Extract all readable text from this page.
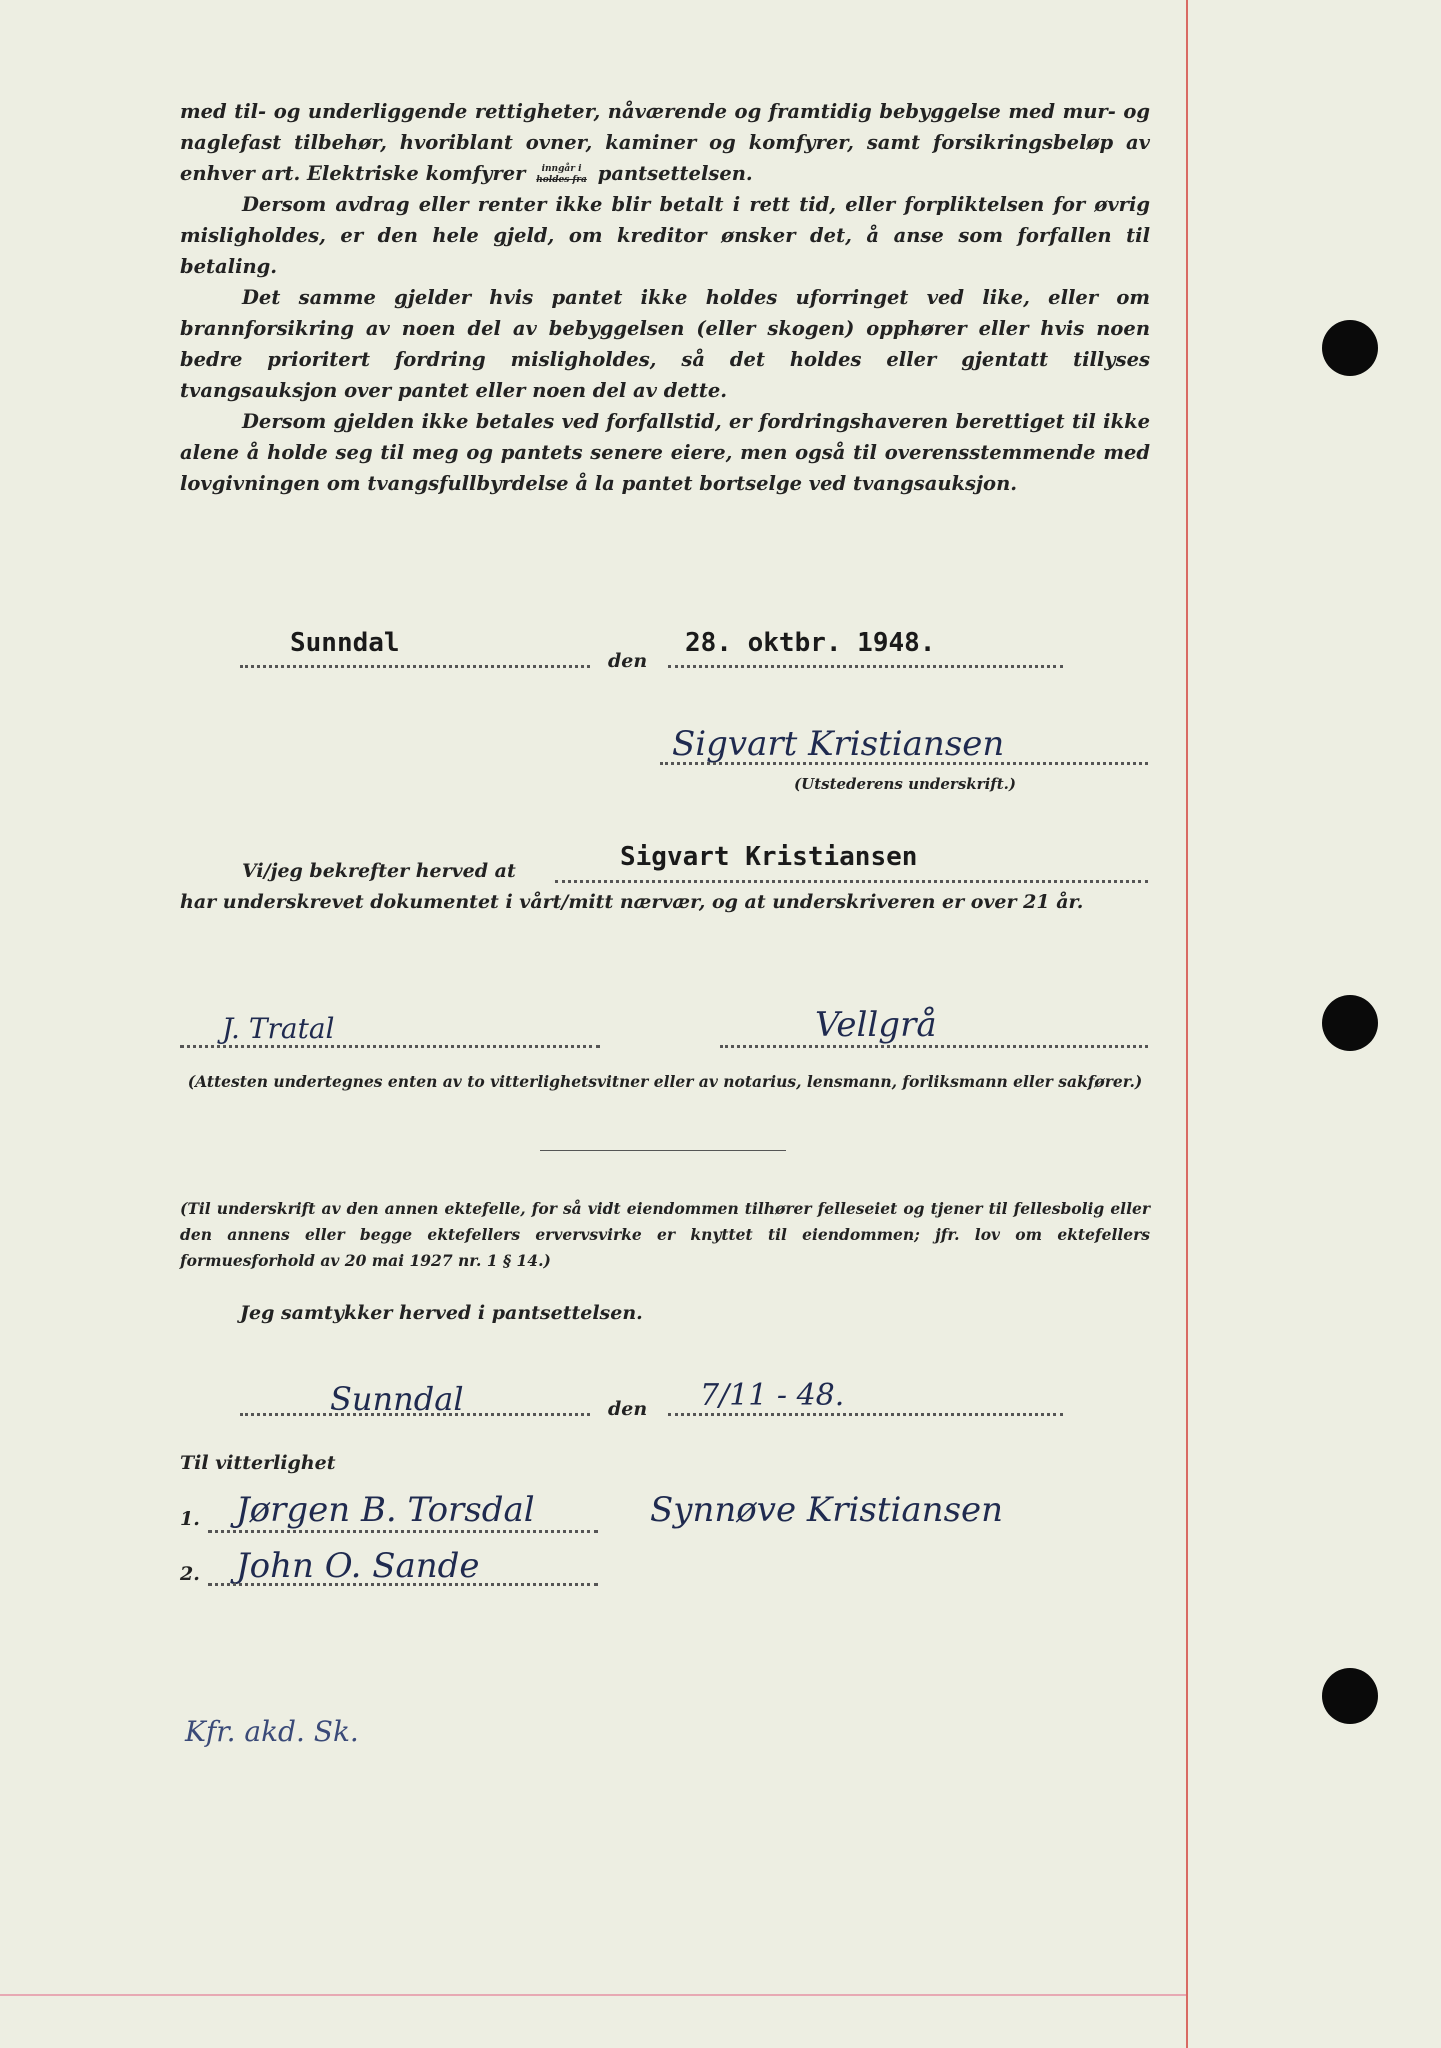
med til- og underliggende rettigheter, nåværende og framtidig bebyggelse med mur- og naglefast tilbehør, hvoriblant ovner, kaminer og komfyrer, samt forsikringsbeløp av enhver art. Elektriske komfyrer	inngår i
holdes fra pantsettelsen.

Dersom avdrag eller renter ikke blir betalt i rett tid, eller forpliktelsen for øvrig misligholdes, er den hele gjeld, om kreditor ønsker det, å anse som forfallen til betaling.

Det samme gjelder hvis pantet ikke holdes uforringet ved like, eller om brannforsikring av noen del av bebyggelsen (eller skogen) opphører eller hvis noen bedre prioritert fordring misligholdes, så det holdes eller gjentatt tillyses tvangsauksjon over pantet eller noen del av dette.

Dersom gjelden ikke betales ved forfallstid, er fordringshaveren berettiget til ikke alene å holde seg til meg og pantets senere eiere, men også til overensstemmende med lovgivningen om tvangsfullbyrdelse å la pantet bortselge ved tvangsauksjon.

Sunndal
den
28. oktbr. 1948.
Sigvart Kristiansen
(Utstederens underskrift.)
Vi/jeg bekrefter herved at	Sigvart Kristiansen
har underskrevet dokumentet i vårt/mitt nærvær, og at underskriveren er over 21 år.
J. Tratal	Vellgrå
(Attesten undertegnes enten av to vitterlighetsvitner eller av notarius, lensmann, forliksmann eller sakfører.)
(Til underskrift av den annen ektefelle, for så vidt eiendommen tilhører felleseiet og tjener til fellesbolig eller den annens eller begge ektefellers ervervsvirke er knyttet til eiendommen; jfr. lov om ektefellers formuesforhold av 20 mai 1927 nr. 1 § 14.)
Jeg samtykker herved i pantsettelsen.
Sunndal	den 7/11 - 48.
Til vitterlighet
1. Jørgen B. Torsdal	Synnøve Kristiansen
2. John O. Sande
Kfr. akd. Sk.
